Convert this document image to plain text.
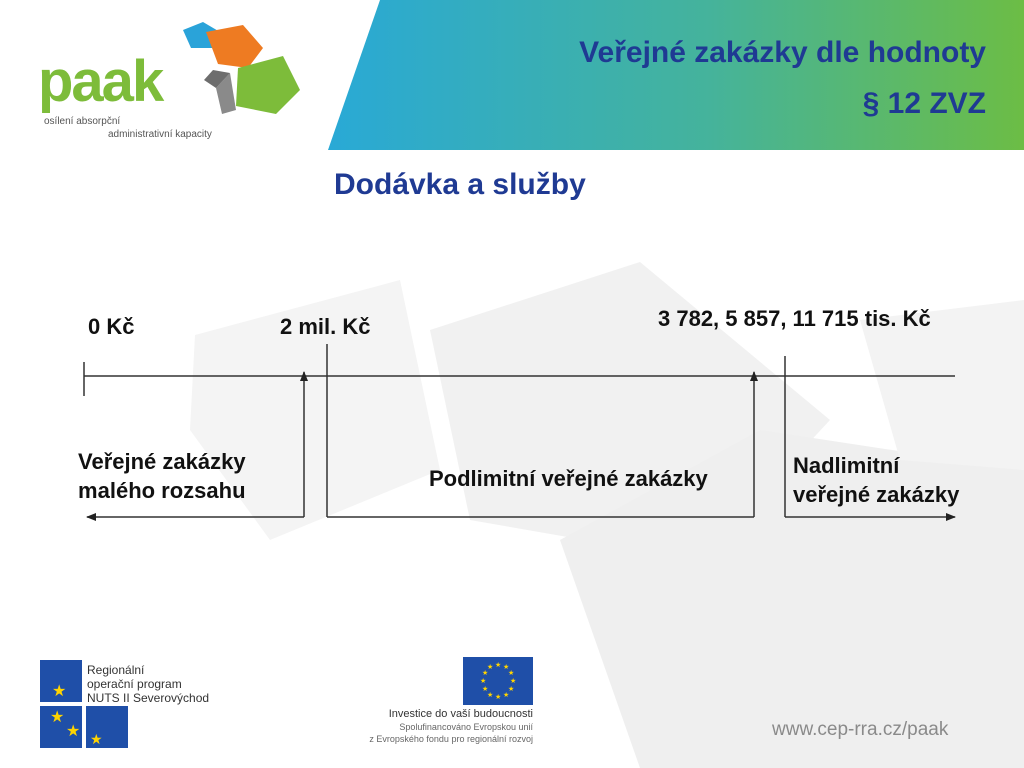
paak
osílení absorpční
administrativní kapacity
Veřejné zakázky dle hodnoty
§ 12 ZVZ
Dodávka a služby
0 Kč	2 mil. Kč	3 782, 5 857, 11 715 tis. Kč
Veřejné zakázky
malého rozsahu	Podlimitní veřejné zakázky
Nadlimitní
veřejné zakázky
★
★
★ ★
Regionální
operační program
NUTS II Severovýchod
★ ★
★
★
★
★
★
★
★
★
★
★
Investice do vaší budoucnosti
Spolufinancováno Evropskou unií
z Evropského fondu pro regionální rozvoj	www.cep-rra.cz/paak
